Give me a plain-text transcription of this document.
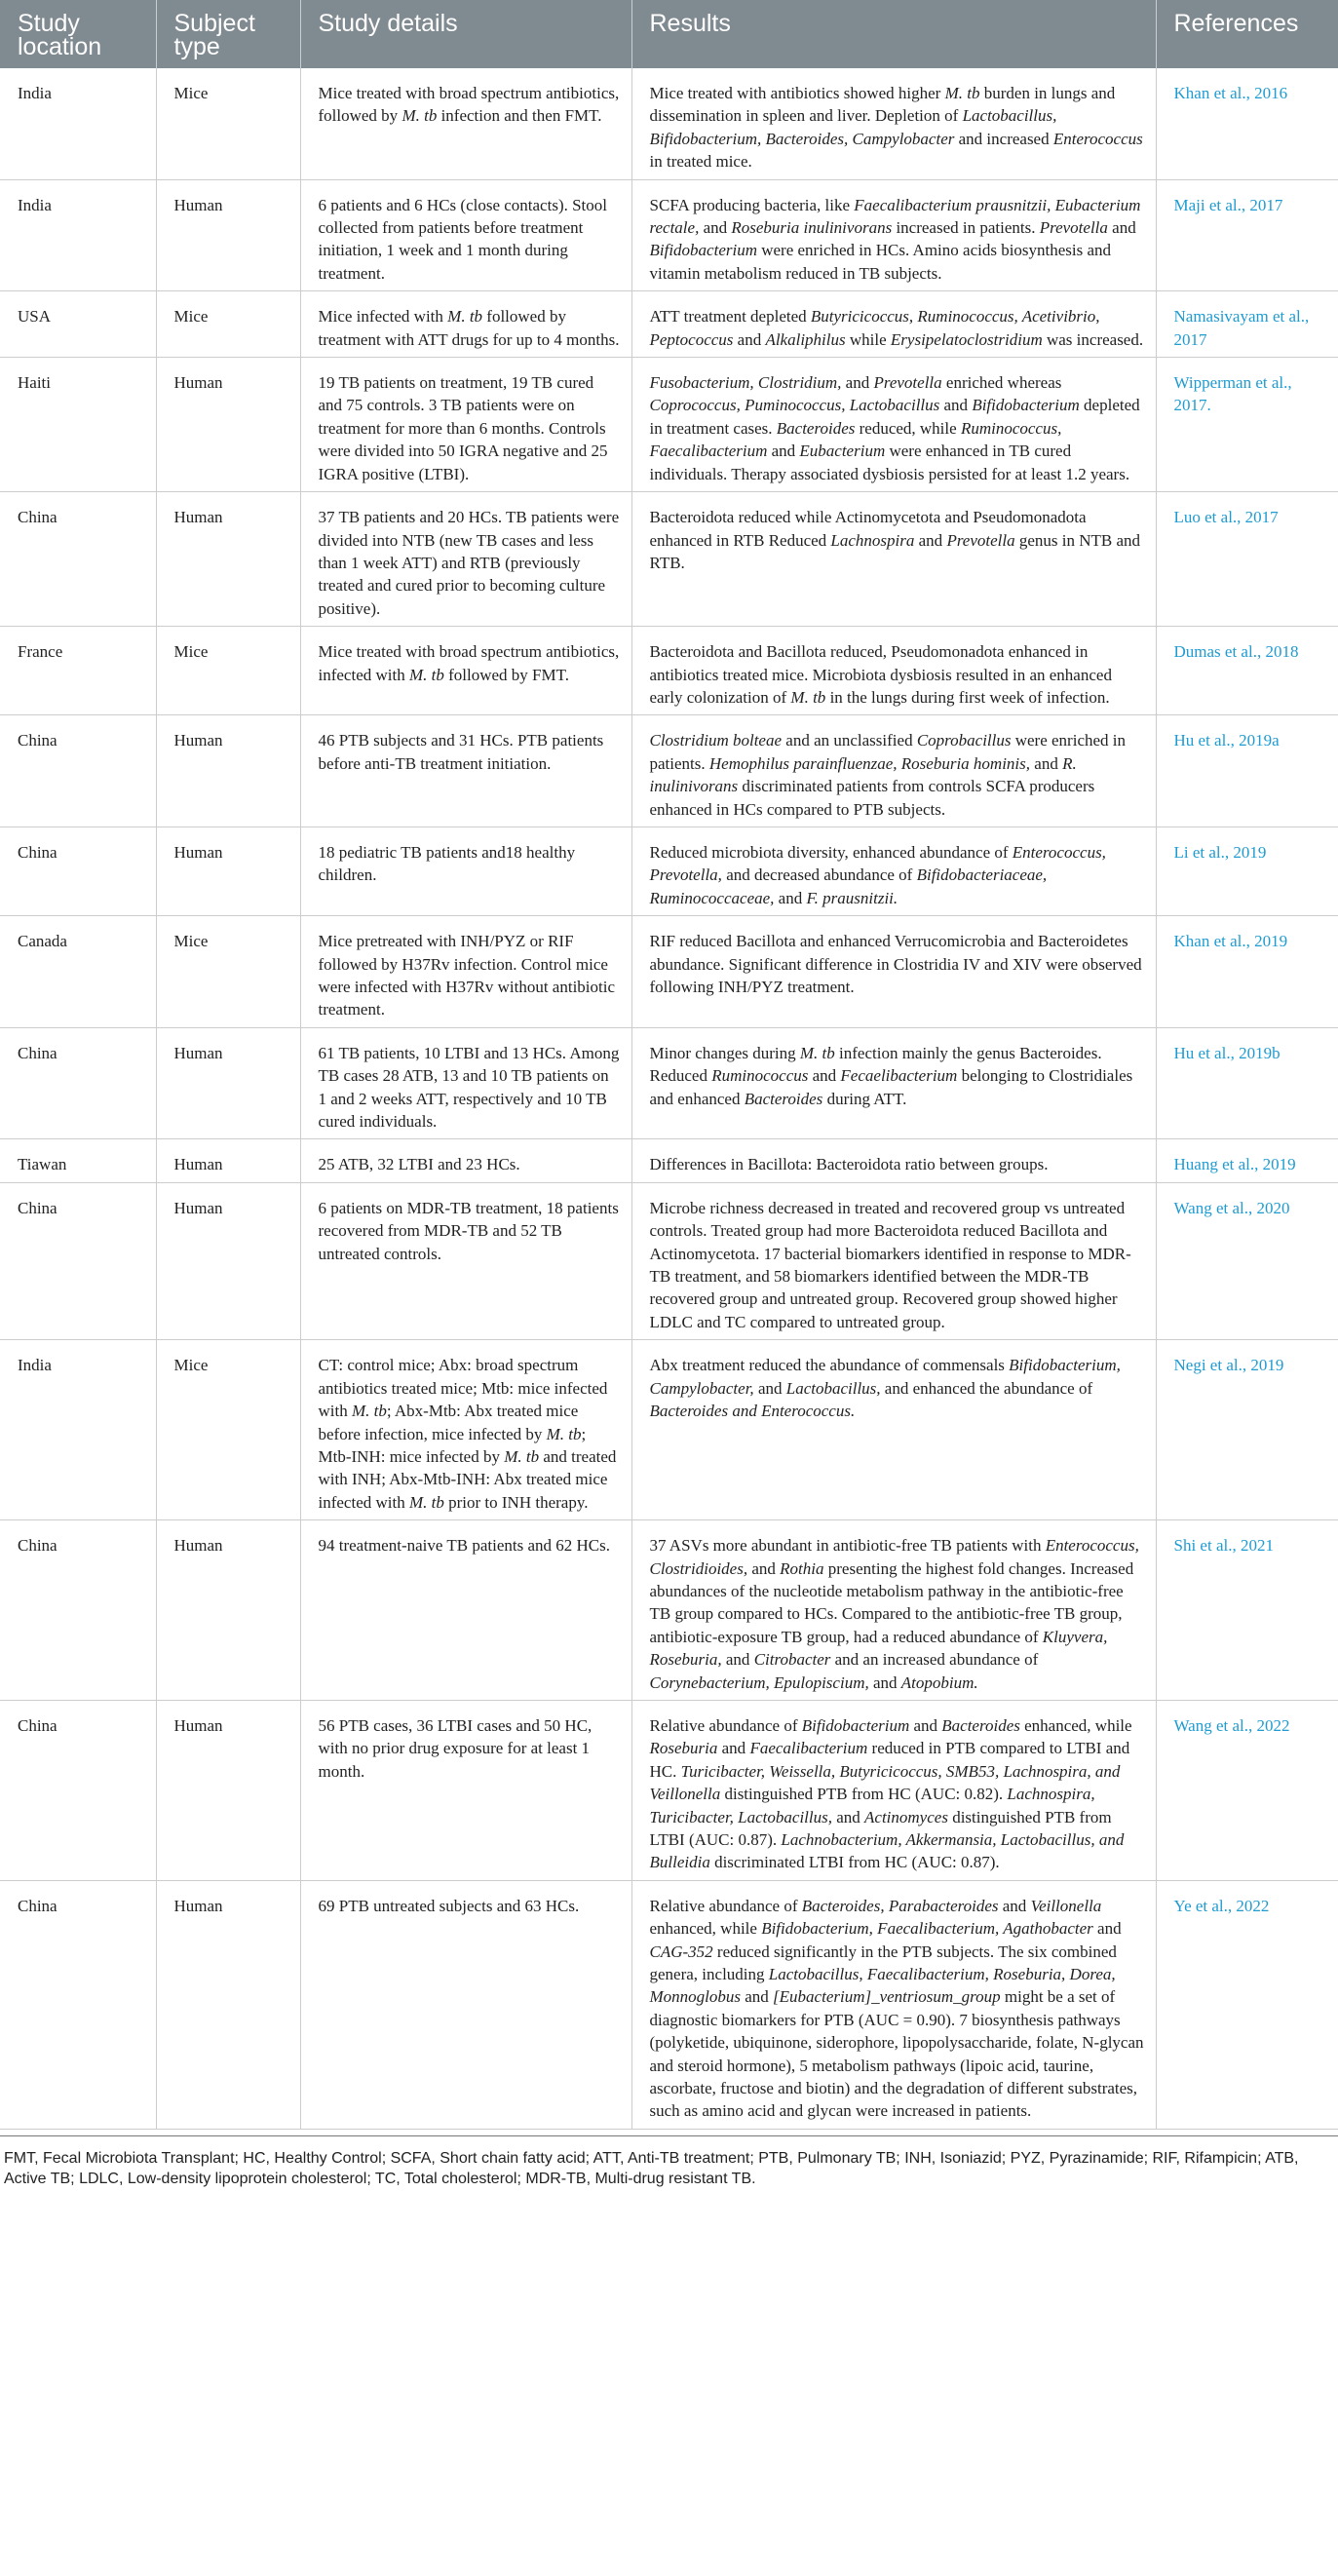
Study location	Subject type	Study details	Results	References
India	Mice	Mice treated with broad spectrum antibiotics, followed by M. tb infection and then FMT.	Mice treated with antibiotics showed higher M. tb burden in lungs and dissemination in spleen and liver. Depletion of Lactobacillus, Bifidobacterium, Bacteroides, Campylobacter and increased Enterococcus in treated mice.	Khan et al., 2016
India	Human	6 patients and 6 HCs (close contacts). Stool collected from patients before treatment initiation, 1 week and 1 month during treatment.	SCFA producing bacteria, like Faecalibacterium prausnitzii, Eubacterium rectale, and Roseburia inulinivorans increased in patients. Prevotella and Bifidobacterium were enriched in HCs. Amino acids biosynthesis and vitamin metabolism reduced in TB subjects.	Maji et al., 2017
USA	Mice	Mice infected with M. tb followed by treatment with ATT drugs for up to 4 months.	ATT treatment depleted Butyricicoccus, Ruminococcus, Acetivibrio, Peptococcus and Alkaliphilus while Erysipelatoclostridium was increased.	Namasivayam et al., 2017
Haiti	Human	19 TB patients on treatment, 19 TB cured and 75 controls. 3 TB patients were on treatment for more than 6 months. Controls were divided into 50 IGRA negative and 25 IGRA positive (LTBI).	Fusobacterium, Clostridium, and Prevotella enriched whereas Coprococcus, Puminococcus, Lactobacillus and Bifidobacterium depleted in treatment cases. Bacteroides reduced, while Ruminococcus, Faecalibacterium and Eubacterium were enhanced in TB cured individuals. Therapy associated dysbiosis persisted for at least 1.2 years.	Wipperman et al., 2017.
China	Human	37 TB patients and 20 HCs. TB patients were divided into NTB (new TB cases and less than 1 week ATT) and RTB (previously treated and cured prior to becoming culture positive).	Bacteroidota reduced while Actinomycetota and Pseudomonadota enhanced in RTB Reduced Lachnospira and Prevotella genus in NTB and RTB.	Luo et al., 2017
France	Mice	Mice treated with broad spectrum antibiotics, infected with M. tb followed by FMT.	Bacteroidota and Bacillota reduced, Pseudomonadota enhanced in antibiotics treated mice. Microbiota dysbiosis resulted in an enhanced early colonization of M. tb in the lungs during first week of infection.	Dumas et al., 2018
China	Human	46 PTB subjects and 31 HCs. PTB patients before anti-TB treatment initiation.	Clostridium bolteae and an unclassified Coprobacillus were enriched in patients. Hemophilus parainfluenzae, Roseburia hominis, and R. inulinivorans discriminated patients from controls SCFA producers enhanced in HCs compared to PTB subjects.	Hu et al., 2019a
China	Human	18 pediatric TB patients and18 healthy children.	Reduced microbiota diversity, enhanced abundance of Enterococcus, Prevotella, and decreased abundance of Bifidobacteriaceae, Ruminococcaceae, and F. prausnitzii.	Li et al., 2019
Canada	Mice	Mice pretreated with INH/PYZ or RIF followed by H37Rv infection. Control mice were infected with H37Rv without antibiotic treatment.	RIF reduced Bacillota and enhanced Verrucomicrobia and Bacteroidetes abundance. Significant difference in Clostridia IV and XIV were observed following INH/PYZ treatment.	Khan et al., 2019
China	Human	61 TB patients, 10 LTBI and 13 HCs. Among TB cases 28 ATB, 13 and 10 TB patients on 1 and 2 weeks ATT, respectively and 10 TB cured individuals.	Minor changes during M. tb infection mainly the genus Bacteroides. Reduced Ruminococcus and Fecaelibacterium belonging to Clostridiales and enhanced Bacteroides during ATT.	Hu et al., 2019b
Tiawan	Human	25 ATB, 32 LTBI and 23 HCs.	Differences in Bacillota: Bacteroidota ratio between groups.	Huang et al., 2019
China	Human	6 patients on MDR-TB treatment, 18 patients recovered from MDR-TB and 52 TB untreated controls.	Microbe richness decreased in treated and recovered group vs untreated controls. Treated group had more Bacteroidota reduced Bacillota and Actinomycetota. 17 bacterial biomarkers identified in response to MDR-TB treatment, and 58 biomarkers identified between the MDR-TB recovered group and untreated group. Recovered group showed higher LDLC and TC compared to untreated group.	Wang et al., 2020
India	Mice	CT: control mice; Abx: broad spectrum antibiotics treated mice; Mtb: mice infected with M. tb; Abx-Mtb: Abx treated mice before infection, mice infected by M. tb; Mtb-INH: mice infected by M. tb and treated with INH; Abx-Mtb-INH: Abx treated mice infected with M. tb prior to INH therapy.	Abx treatment reduced the abundance of commensals Bifidobacterium, Campylobacter, and Lactobacillus, and enhanced the abundance of Bacteroides and Enterococcus.	Negi et al., 2019
China	Human	94 treatment-naive TB patients and 62 HCs.	37 ASVs more abundant in antibiotic-free TB patients with Enterococcus, Clostridioides, and Rothia presenting the highest fold changes. Increased abundances of the nucleotide metabolism pathway in the antibiotic-free TB group compared to HCs. Compared to the antibiotic-free TB group, antibiotic-exposure TB group, had a reduced abundance of Kluyvera, Roseburia, and Citrobacter and an increased abundance of Corynebacterium, Epulopiscium, and Atopobium.	Shi et al., 2021
China	Human	56 PTB cases, 36 LTBI cases and 50 HC, with no prior drug exposure for at least 1 month.	Relative abundance of Bifidobacterium and Bacteroides enhanced, while Roseburia and Faecalibacterium reduced in PTB compared to LTBI and HC. Turicibacter, Weissella, Butyricicoccus, SMB53, Lachnospira, and Veillonella distinguished PTB from HC (AUC: 0.82). Lachnospira, Turicibacter, Lactobacillus, and Actinomyces distinguished PTB from LTBI (AUC: 0.87). Lachnobacterium, Akkermansia, Lactobacillus, and Bulleidia discriminated LTBI from HC (AUC: 0.87).	Wang et al., 2022
China	Human	69 PTB untreated subjects and 63 HCs.	Relative abundance of Bacteroides, Parabacteroides and Veillonella enhanced, while Bifidobacterium, Faecalibacterium, Agathobacter and CAG-352 reduced significantly in the PTB subjects. The six combined genera, including Lactobacillus, Faecalibacterium, Roseburia, Dorea, Monnoglobus and [Eubacterium]_ventriosum_group might be a set of diagnostic biomarkers for PTB (AUC = 0.90). 7 biosynthesis pathways (polyketide, ubiquinone, siderophore, lipopolysaccharide, folate, N-glycan and steroid hormone), 5 metabolism pathways (lipoic acid, taurine, ascorbate, fructose and biotin) and the degradation of different substrates, such as amino acid and glycan were increased in patients.	Ye et al., 2022
FMT, Fecal Microbiota Transplant; HC, Healthy Control; SCFA, Short chain fatty acid; ATT, Anti-TB treatment; PTB, Pulmonary TB; INH, Isoniazid; PYZ, Pyrazinamide; RIF, Rifampicin; ATB, Active TB; LDLC, Low-density lipoprotein cholesterol; TC, Total cholesterol; MDR-TB, Multi-drug resistant TB.
